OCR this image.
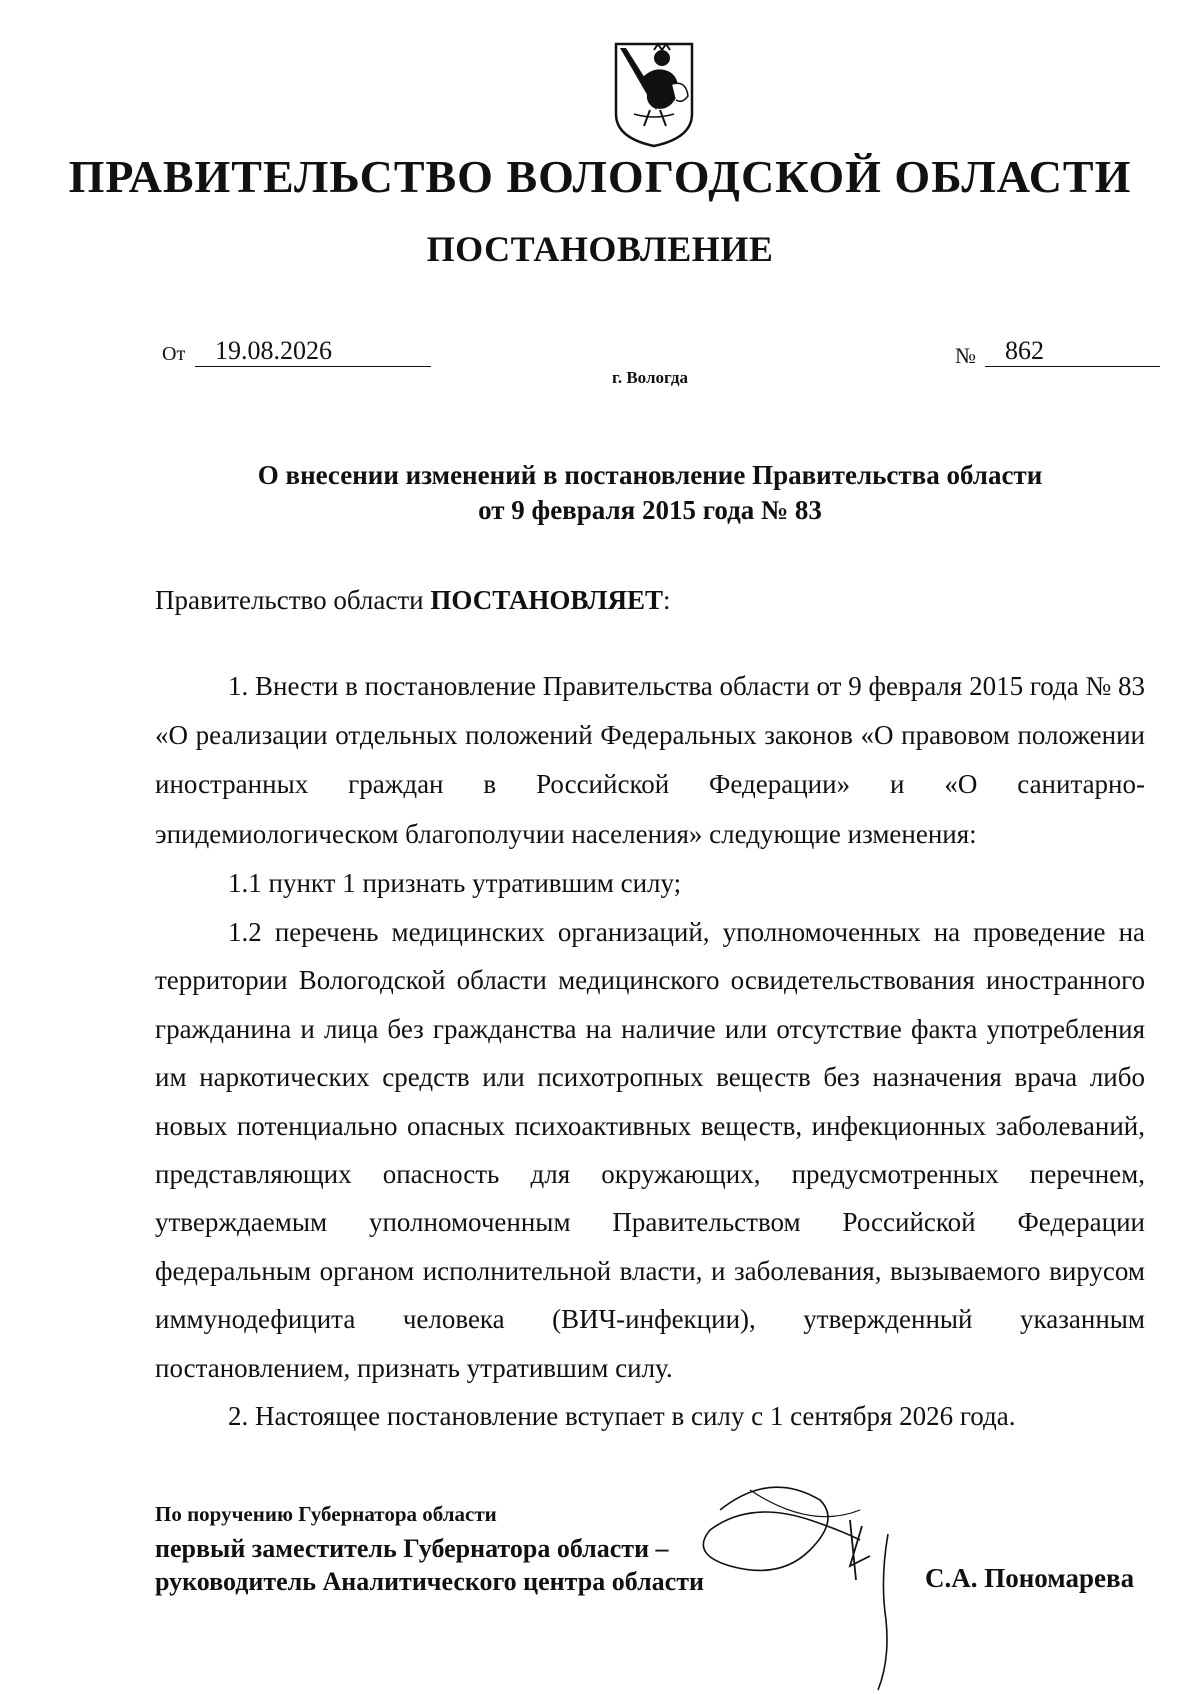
ПРАВИТЕЛЬСТВО ВОЛОГОДСКОЙ ОБЛАСТИ
ПОСТАНОВЛЕНИЕ
От	19.08.2026	№	862
г. Вологда
О внесении изменений в постановление Правительства области
от 9 февраля 2015 года № 83
Правительство области ПОСТАНОВЛЯЕТ:

1. Внести в постановление Правительства области от 9 февраля 2015 года № 83 «О реализации отдельных положений Федеральных законов «О правовом положении иностранных граждан в Российской Федерации» и «О санитарно-эпидемиологическом благополучии населения» следующие изменения:

1.1 пункт 1 признать утратившим силу;

1.2 перечень медицинских организаций, уполномоченных на проведение на территории Вологодской области медицинского освидетельствования иностранного гражданина и лица без гражданства на наличие или отсутствие факта употребления им наркотических средств или психотропных веществ без назначения врача либо новых потенциально опасных психоактивных веществ, инфекционных заболеваний, представляющих опасность для окружающих, предусмотренных перечнем, утверждаемым уполномоченным Правительством Российской Федерации федеральным органом исполнительной власти, и заболевания, вызываемого вирусом иммунодефицита человека (ВИЧ-инфекции), утвержденный указанным постановлением, признать утратившим силу.

2. Настоящее постановление вступает в силу с 1 сентября 2026 года.

По поручению Губернатора области
первый заместитель Губернатора области –
руководитель Аналитического центра области	С.А. Пономарева
